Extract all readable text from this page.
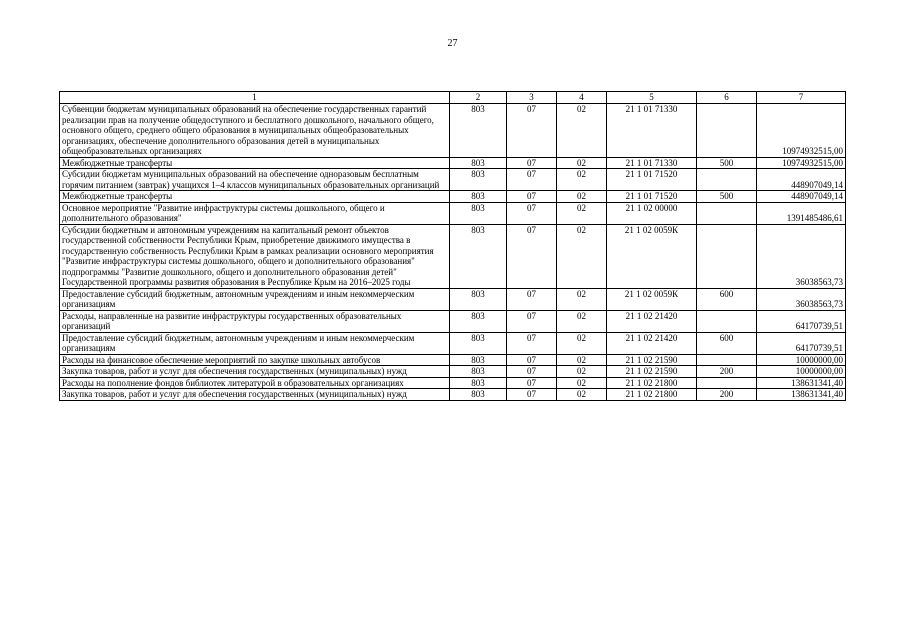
27
1	2	3	4	5	6	7
Субвенции бюджетам муниципальных образований на обеспечение государственных гарантий реализации прав на получение общедоступного и бесплатного дошкольного, начального общего, основного общего, среднего общего образования в муниципальных общеобразовательных организациях, обеспечение дополнительного образования детей в муниципальных общеобразовательных организациях	803	07	02	21 1 01 71330		10974932515,00
Межбюджетные трансферты	803	07	02	21 1 01 71330	500	10974932515,00
Субсидии бюджетам муниципальных образований на обеспечение одноразовым бесплатным горячим питанием (завтрак) учащихся 1–4 классов муниципальных образовательных организаций	803	07	02	21 1 01 71520		448907049,14
Межбюджетные трансферты	803	07	02	21 1 01 71520	500	448907049,14
Основное мероприятие "Развитие инфраструктуры системы дошкольного, общего и дополнительного образования"	803	07	02	21 1 02 00000		1391485486,61
Субсидии бюджетным и автономным учреждениям на капитальный ремонт объектов государственной собственности Республики Крым, приобретение движимого имущества в государственную собственность Республики Крым в рамках реализации основного мероприятия "Развитие инфраструктуры системы дошкольного, общего и дополнительного образования" подпрограммы "Развитие дошкольного, общего и дополнительного образования детей" Государственной программы развития образования в Республике Крым на 2016–2025 годы	803	07	02	21 1 02 0059К		36038563,73
Предоставление субсидий бюджетным, автономным учреждениям и иным некоммерческим организациям	803	07	02	21 1 02 0059К	600	36038563,73
Расходы, направленные на развитие инфраструктуры государственных образовательных организаций	803	07	02	21 1 02 21420		64170739,51
Предоставление субсидий бюджетным, автономным учреждениям и иным некоммерческим организациям	803	07	02	21 1 02 21420	600	64170739,51
Расходы на финансовое обеспечение мероприятий по закупке школьных автобусов	803	07	02	21 1 02 21590		10000000,00
Закупка товаров, работ и услуг для обеспечения государственных (муниципальных) нужд	803	07	02	21 1 02 21590	200	10000000,00
Расходы на пополнение фондов библиотек литературой в образовательных организациях	803	07	02	21 1 02 21800		138631341,40
Закупка товаров, работ и услуг для обеспечения государственных (муниципальных) нужд	803	07	02	21 1 02 21800	200	138631341,40
